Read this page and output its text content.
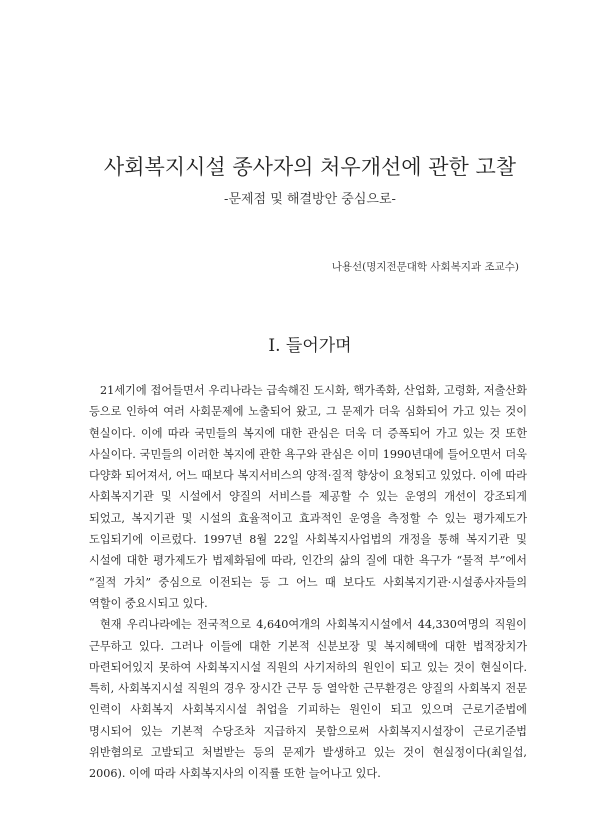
사회복지시설 종사자의 처우개선에 관한 고찰
-문제점 및 해결방안 중심으로-
나용선(명지전문대학 사회복지과 조교수)
Ⅰ. 들어가며

21세기에 접어들면서 우리나라는 급속해진 도시화, 핵가족화, 산업화, 고령화, 저출산화 등으로 인하여 여러 사회문제에 노출되어 왔고, 그 문제가 더욱 심화되어 가고 있는 것이 현실이다. 이에 따라 국민들의 복지에 대한 관심은 더욱 더 증폭되어 가고 있는 것 또한 사실이다. 국민들의 이러한 복지에 관한 욕구와 관심은 이미 1990년대에 들어오면서 더욱 다양화 되어져서, 어느 때보다 복지서비스의 양적·질적 향상이 요청되고 있었다. 이에 따라 사회복지기관 및 시설에서 양질의 서비스를 제공할 수 있는 운영의 개선이 강조되게 되었고, 복지기관 및 시설의 효율적이고 효과적인 운영을 측정할 수 있는 평가제도가 도입되기에 이르렀다. 1997년 8월 22일 사회복지사업법의 개정을 통해 복지기관 및 시설에 대한 평가제도가 법제화됨에 따라, 인간의 삶의 질에 대한 욕구가 “물적 부”에서 “질적 가치” 중심으로 이전되는 등 그 어느 때 보다도 사회복지기관·시설종사자들의 역할이 중요시되고 있다.

현재 우리나라에는 전국적으로 4,640여개의 사회복지시설에서 44,330여명의 직원이 근무하고 있다. 그러나 이들에 대한 기본적 신분보장 및 복지혜택에 대한 법적장치가 마련되어있지 못하여 사회복지시설 직원의 사기저하의 원인이 되고 있는 것이 현실이다. 특히, 사회복지시설 직원의 경우 장시간 근무 등 열악한 근무환경은 양질의 사회복지 전문 인력이 사회복지 사회복지시설 취업을 기피하는 원인이 되고 있으며 근로기준법에 명시되어 있는 기본적 수당조차 지급하지 못함으로써 사회복지시설장이 근로기준법 위반혐의로 고발되고 처벌받는 등의 문제가 발생하고 있는 것이 현실정이다(최일섭, 2006). 이에 따라 사회복지사의 이직률 또한 늘어나고 있다.
